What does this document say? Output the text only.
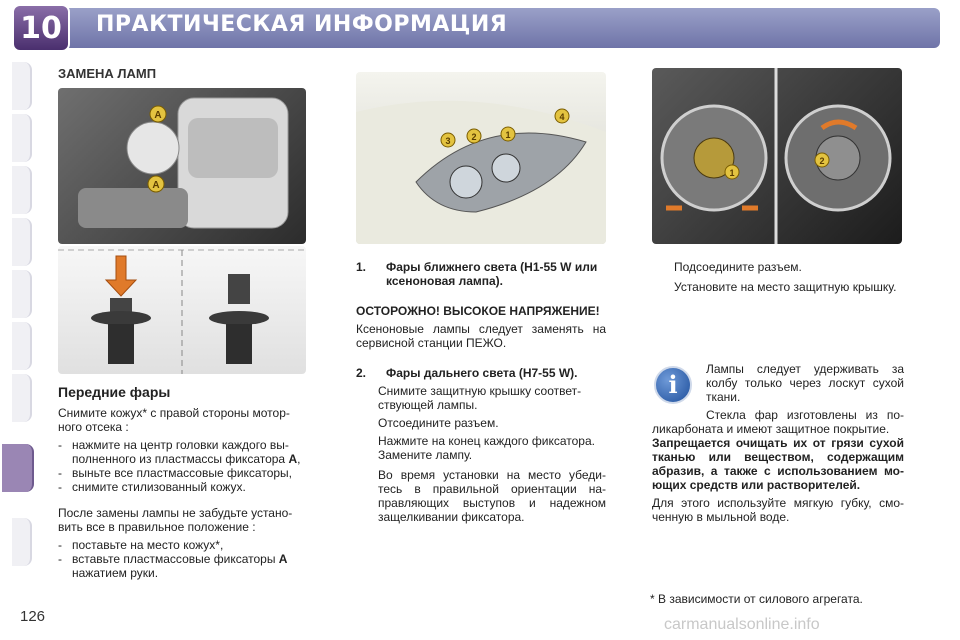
10	ПРАКТИЧЕСКАЯ ИНФОРМАЦИЯ
ЗАМЕНА ЛАМП
A
A
3 2	1
4
1
2
Передние фары
Снимите кожух* с правой стороны мотор-ного отсека :
- нажмите на центр головки каждого вы-полненного из пластмассы фиксатора A,
- выньте все пластмассовые фиксаторы,
- снимите стилизованный кожух.
После замены лампы не забудьте устано-вить все в правильное положение :
- поставьте на место кожух*,
- вставьте пластмассовые фиксаторы A нажатием руки.
1.	Фары ближнего света (H1-55 W или ксеноновая лампа).
ОСТОРОЖНО! ВЫСОКОЕ НАПРЯЖЕНИЕ!
Ксеноновые лампы следует заменять на сервисной станции ПЕЖО.
2.	Фары дальнего света (H7-55 W).
Снимите защитную крышку соответ-ствующей лампы.
Отсоедините разъем.
Нажмите на конец каждого фиксатора. Замените лампу.
Во время установки на место убеди-тесь в правильной ориентации на-правляющих выступов и надежном защелкивании фиксатора.
Подсоедините разъем.
Установите на место защитную крышку.
i
Лампы следует удерживать за колбу только через лоскут сухой ткани.
Стекла фар изготовлены из по-ликарбоната и имеют защитное покрытие.
Запрещается очищать их от грязи сухой тканью или веществом, содержащим абразив, а также с использованием мо-ющих средств или растворителей.
Для этого используйте мягкую губку, смо-ченную в мыльной воде.
* В зависимости от силового агрегата.
126	carmanualsonline.info
